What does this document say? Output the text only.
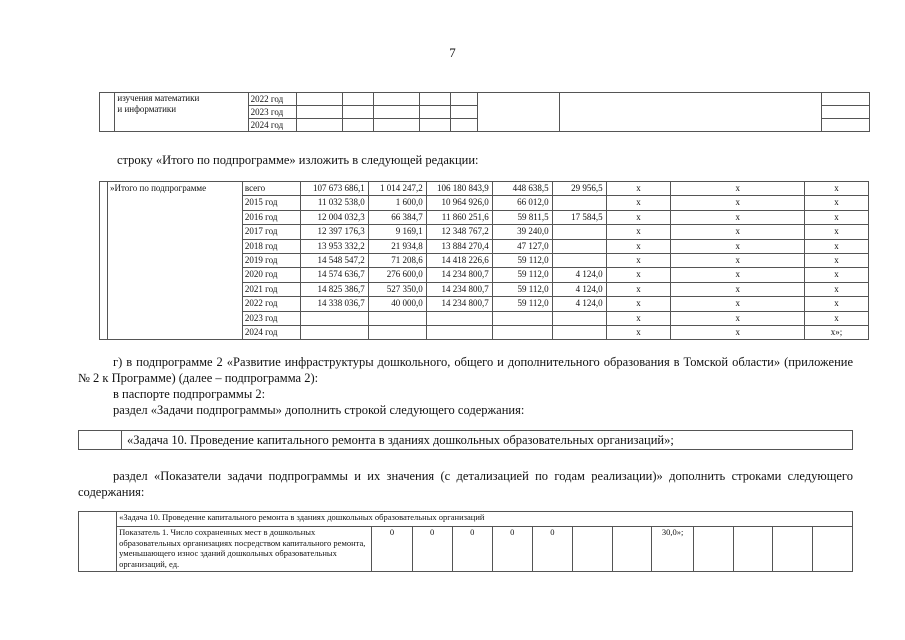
7
	изучения математики
и информатики	2022 год								
		2023 год								
		2024 год								
строку «Итого по подпрограмме» изложить в следующей редакции:
	»Итого по подпрограмме	всего	107 673 686,1	1 014 247,2	106 180 843,9	448 638,5	29 956,5	х	х	х
		2015 год	11 032 538,0	1 600,0	10 964 926,0	66 012,0		х	х	х
		2016 год	12 004 032,3	66 384,7	11 860 251,6	59 811,5	17 584,5	х	х	х
		2017 год	12 397 176,3	9 169,1	12 348 767,2	39 240,0		х	х	х
		2018 год	13 953 332,2	21 934,8	13 884 270,4	47 127,0		х	х	х
		2019 год	14 548 547,2	71 208,6	14 418 226,6	59 112,0		х	х	х
		2020 год	14 574 636,7	276 600,0	14 234 800,7	59 112,0	4 124,0	х	х	х
		2021 год	14 825 386,7	527 350,0	14 234 800,7	59 112,0	4 124,0	х	х	х
		2022 год	14 338 036,7	40 000,0	14 234 800,7	59 112,0	4 124,0	х	х	х
		2023 год						х	х	х
		2024 год						х	х	х»;
г) в подпрограмме 2 «Развитие инфраструктуры дошкольного, общего и дополнительного образования в Томской области» (приложение № 2 к Программе) (далее – подпрограмма 2):
в паспорте подпрограммы 2:
раздел «Задачи подпрограммы» дополнить строкой следующего содержания:
	«Задача 10. Проведение капитального ремонта в зданиях дошкольных образовательных организаций»;
раздел «Показатели задачи подпрограммы и их значения (с детализацией по годам реализации)» дополнить строками следующего содержания:
	«Задача 10. Проведение капитального ремонта в зданиях дошкольных образовательных организаций												
	Показатель 1. Число сохраненных мест в дошкольных образовательных организациях посредством капитального ремонта, уменьшающего износ зданий дошкольных образовательных организаций, ед.	0	0	0	0	0			30,0»;				
